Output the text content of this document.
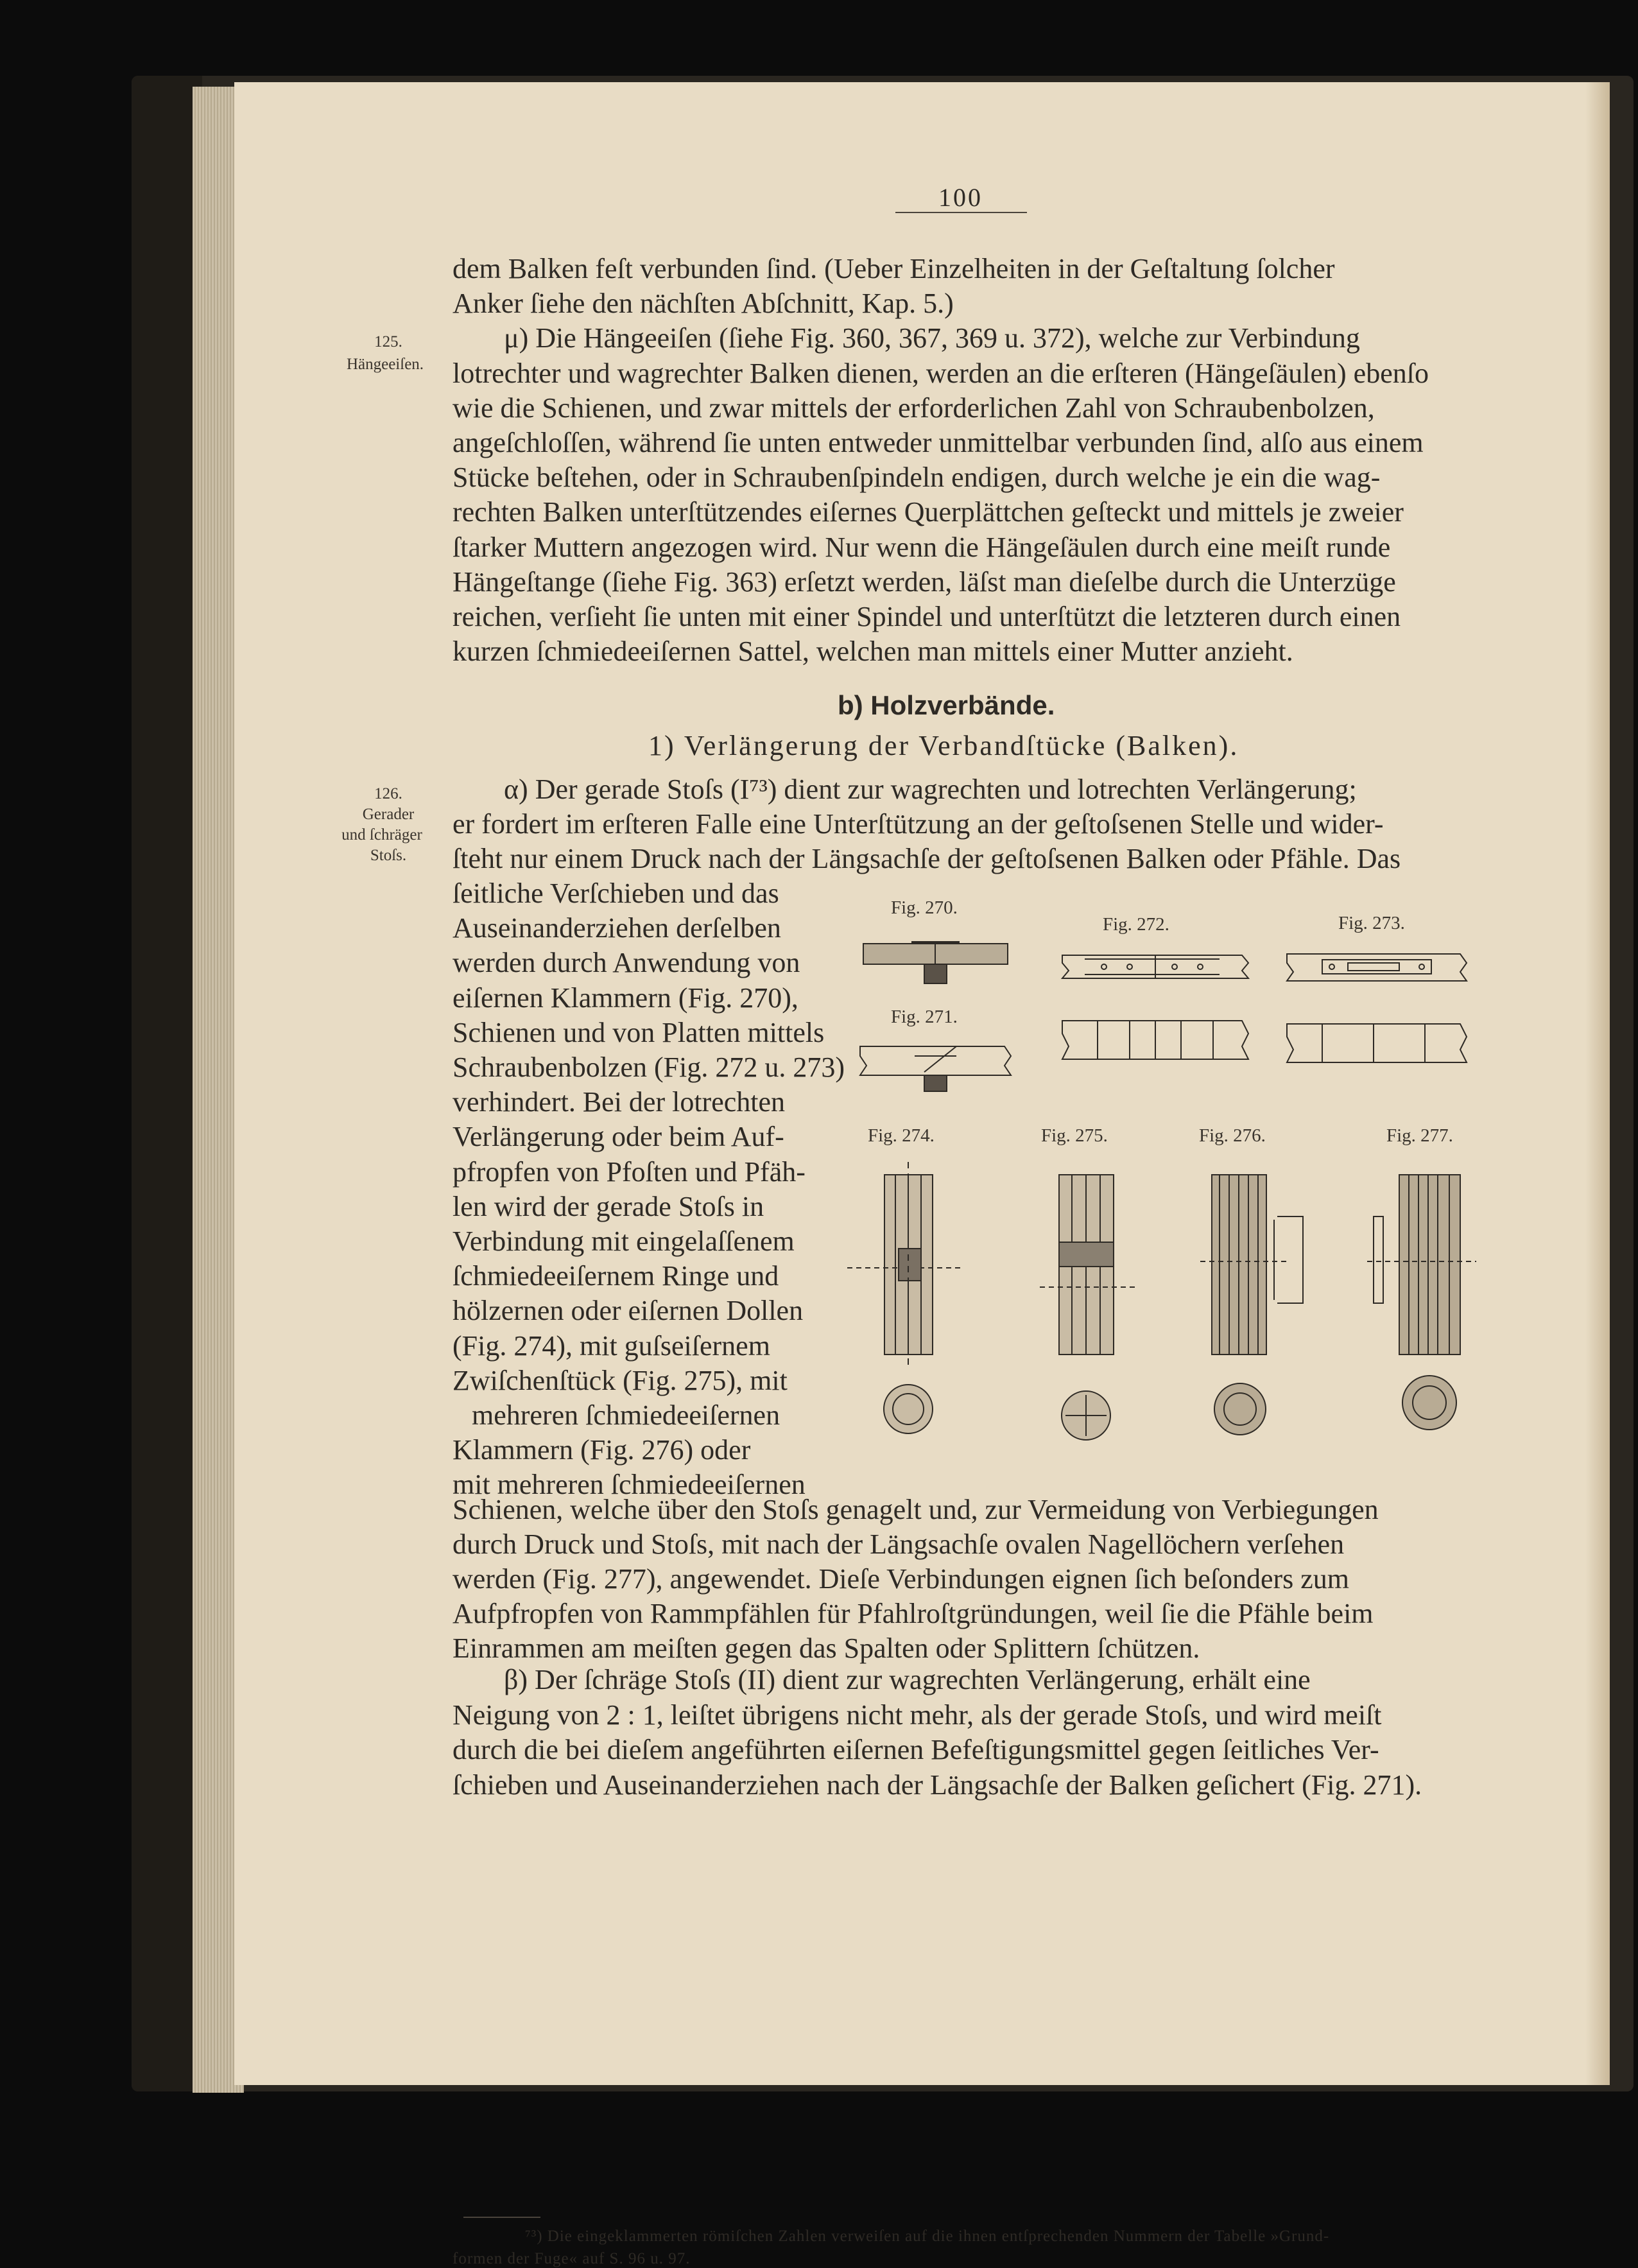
100
125.
Hängeeiſen.
126.
Gerader
und ſchräger
Stoſs.
dem Balken feſt verbunden ſind. (Ueber Einzelheiten in der Geſtaltung ſolcher
Anker ſiehe den nächſten Abſchnitt, Kap. 5.)
μ) Die Hängeeiſen (ſiehe Fig. 360, 367, 369 u. 372), welche zur Verbindung
lotrechter und wagrechter Balken dienen, werden an die erſteren (Hängeſäulen) ebenſo
wie die Schienen, und zwar mittels der erforderlichen Zahl von Schraubenbolzen,
angeſchloſſen, während ſie unten entweder unmittelbar verbunden ſind, alſo aus einem
Stücke beſtehen, oder in Schraubenſpindeln endigen, durch welche je ein die wag-
rechten Balken unterſtützendes eiſernes Querplättchen geſteckt und mittels je zweier
ſtarker Muttern angezogen wird. Nur wenn die Hängeſäulen durch eine meiſt runde
Hängeſtange (ſiehe Fig. 363) erſetzt werden, läſst man dieſelbe durch die Unterzüge
reichen, verſieht ſie unten mit einer Spindel und unterſtützt die letzteren durch einen
kurzen ſchmiedeeiſernen Sattel, welchen man mittels einer Mutter anzieht.
b) Holzverbände.
1) Verlängerung der Verbandſtücke (Balken).
α) Der gerade Stoſs (I⁷³) dient zur wagrechten und lotrechten Verlängerung;
er fordert im erſteren Falle eine Unterſtützung an der geſtoſsenen Stelle und wider-
ſteht nur einem Druck nach der Längsachſe der geſtoſsenen Balken oder Pfähle. Das
ſeitliche Verſchieben und das
Auseinanderziehen derſelben
werden durch Anwendung von
eiſernen Klammern (Fig. 270),
Schienen und von Platten mittels
Schraubenbolzen (Fig. 272 u. 273)
verhindert. Bei der lotrechten
Verlängerung oder beim Auf-
pfropfen von Pfoſten und Pfäh-
len wird der gerade Stoſs in
Verbindung mit eingelaſſenem
ſchmiedeeiſernem Ringe und
hölzernen oder eiſernen Dollen
(Fig. 274), mit guſseiſernem
Zwiſchenſtück (Fig. 275), mit
mehreren ſchmiedeeiſernen
Klammern (Fig. 276) oder
mit mehreren ſchmiedeeiſernen
Schienen, welche über den Stoſs genagelt und, zur Vermeidung von Verbiegungen
durch Druck und Stoſs, mit nach der Längsachſe ovalen Nagellöchern verſehen
werden (Fig. 277), angewendet. Dieſe Verbindungen eignen ſich beſonders zum
Aufpfropfen von Rammpfählen für Pfahlroſtgründungen, weil ſie die Pfähle beim
Einrammen am meiſten gegen das Spalten oder Splittern ſchützen.
β) Der ſchräge Stoſs (II) dient zur wagrechten Verlängerung, erhält eine
Neigung von 2 : 1, leiſtet übrigens nicht mehr, als der gerade Stoſs, und wird meiſt
durch die bei dieſem angeführten eiſernen Befeſtigungsmittel gegen ſeitliches Ver-
ſchieben und Auseinanderziehen nach der Längsachſe der Balken geſichert (Fig. 271).
⁷³) Die eingeklammerten römiſchen Zahlen verweiſen auf die ihnen entſprechenden Nummern der Tabelle »Grund-
formen der Fuge« auf S. 96 u. 97.
Fig. 270.
Fig. 272.	Fig. 273.
Fig. 271.
Fig. 274.	Fig. 275.	Fig. 276.	Fig. 277.
